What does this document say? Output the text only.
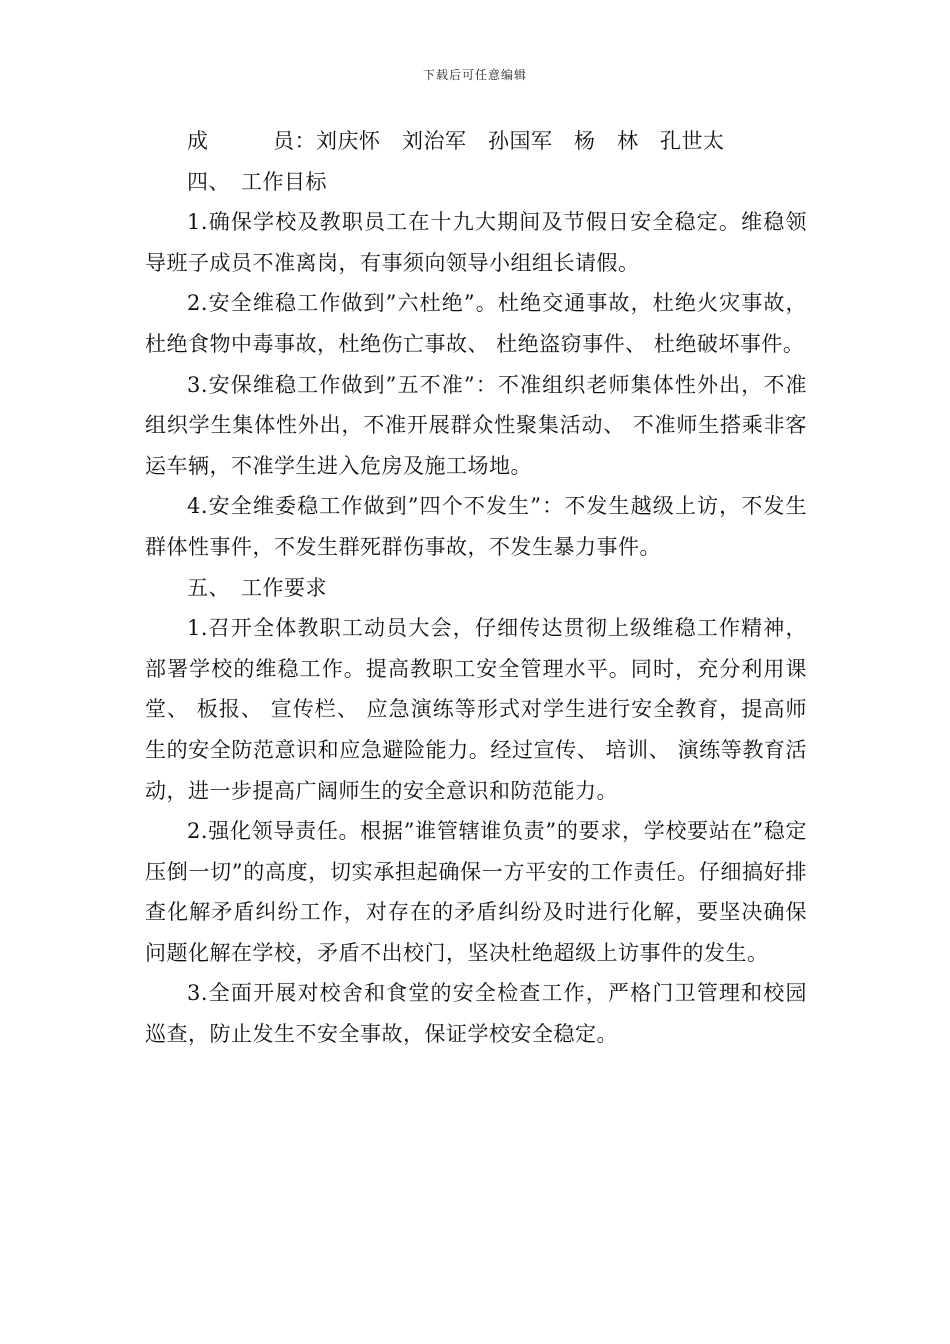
下载后可任意编辑

成　　　员：刘庆怀　刘治军　孙国军　杨　林　孔世太

四、　工作目标

1.确保学校及教职员工在十九大期间及节假日安全稳定。维稳领导班子成员不准离岗，有事须向领导小组组长请假。

2.安全维稳工作做到”六杜绝”。杜绝交通事故，杜绝火灾事故，杜绝食物中毒事故，杜绝伤亡事故、 杜绝盗窃事件、 杜绝破坏事件。

3.安保维稳工作做到”五不准”：不准组织老师集体性外出，不准组织学生集体性外出，不准开展群众性聚集活动、 不准师生搭乘非客运车辆，不准学生进入危房及施工场地。

4.安全维委稳工作做到”四个不发生”：不发生越级上访，不发生群体性事件，不发生群死群伤事故，不发生暴力事件。

五、　工作要求

1.召开全体教职工动员大会，仔细传达贯彻上级维稳工作精神，部署学校的维稳工作。提高教职工安全管理水平。同时，充分利用课堂、 板报、 宣传栏、 应急演练等形式对学生进行安全教育，提高师生的安全防范意识和应急避险能力。经过宣传、 培训、 演练等教育活动，进一步提高广阔师生的安全意识和防范能力。

2.强化领导责任。根据”谁管辖谁负责”的要求，学校要站在”稳定压倒一切”的高度，切实承担起确保一方平安的工作责任。仔细搞好排查化解矛盾纠纷工作，对存在的矛盾纠纷及时进行化解，要坚决确保问题化解在学校，矛盾不出校门，坚决杜绝超级上访事件的发生。

3.全面开展对校舍和食堂的安全检查工作，严格门卫管理和校园巡查，防止发生不安全事故，保证学校安全稳定。
